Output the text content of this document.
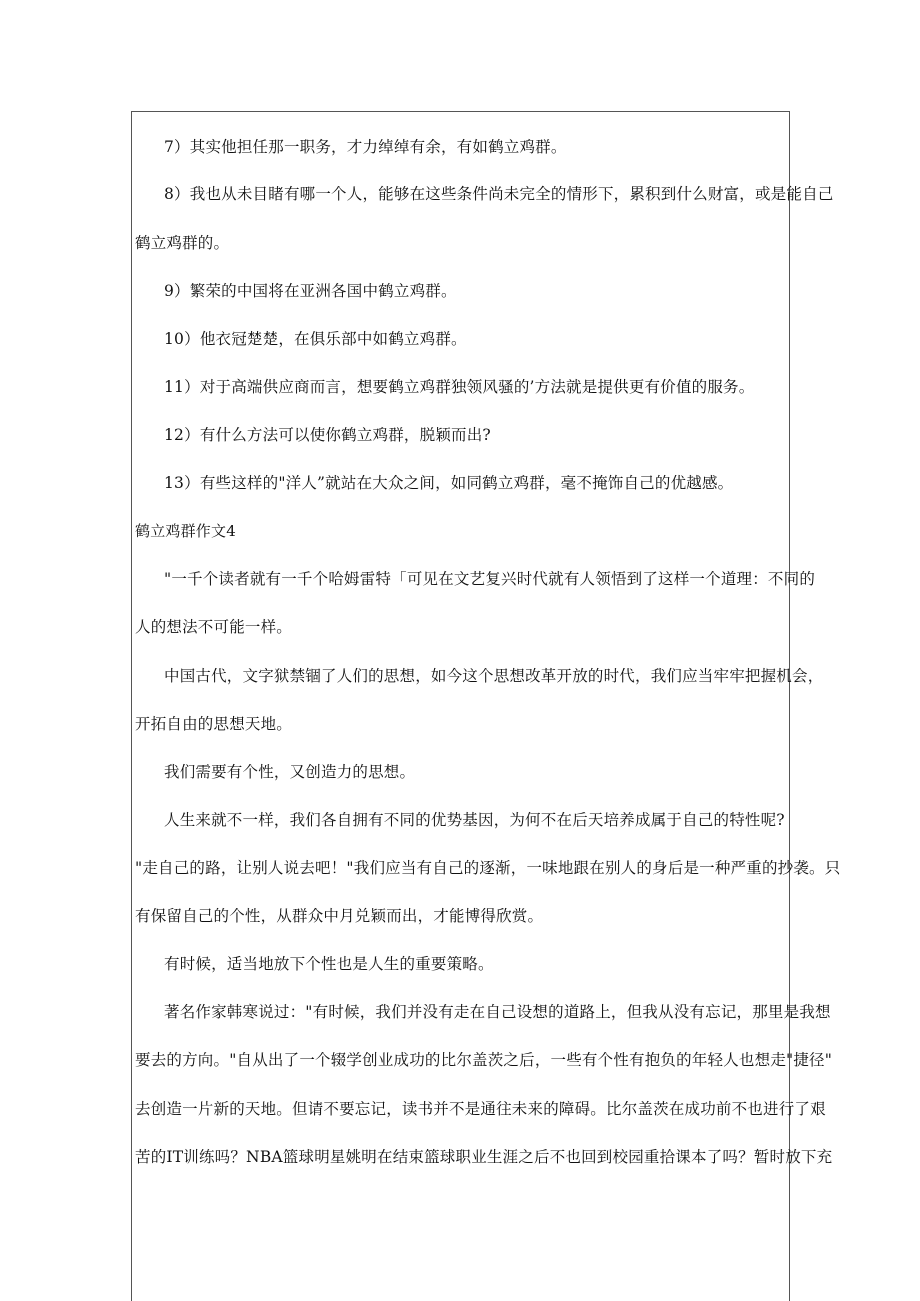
7）其实他担任那一职务，才力绰绰有余，有如鹤立鸡群。
8）我也从未目睹有哪一个人，能够在这些条件尚未完全的情形下，累积到什么财富，或是能自己
鹤立鸡群的。
9）繁荣的中国将在亚洲各国中鹤立鸡群。
10）他衣冠楚楚，在俱乐部中如鹤立鸡群。
11）对于高端供应商而言，想要鹤立鸡群独领风骚的’方法就是提供更有价值的服务。
12）有什么方法可以使你鹤立鸡群，脱颖而出?
13）有些这样的"洋人”就站在大众之间，如同鹤立鸡群，毫不掩饰自己的优越感。
鹤立鸡群作文4
"一千个读者就有一千个哈姆雷特「可见在文艺复兴时代就有人领悟到了这样一个道理：不同的
人的想法不可能一样。
中国古代，文字狱禁锢了人们的思想，如今这个思想改革开放的时代，我们应当牢牢把握机会，
开拓自由的思想天地。
我们需要有个性，又创造力的思想。
人生来就不一样，我们各自拥有不同的优势基因，为何不在后天培养成属于自己的特性呢?
"走自己的路，让别人说去吧！"我们应当有自己的逐渐，一味地跟在别人的身后是一种严重的抄袭。只
有保留自己的个性，从群众中月兑颖而出，才能博得欣赏。
有时候，适当地放下个性也是人生的重要策略。
著名作家韩寒说过："有时候，我们并没有走在自己设想的道路上，但我从没有忘记，那里是我想
要去的方向。"自从出了一个辍学创业成功的比尔盖茨之后，一些有个性有抱负的年轻人也想走"捷径"
去创造一片新的天地。但请不要忘记，读书并不是通往未来的障碍。比尔盖茨在成功前不也进行了艰
苦的IT训练吗？NBA篮球明星姚明在结束篮球职业生涯之后不也回到校园重拾课本了吗？暂时放下充
